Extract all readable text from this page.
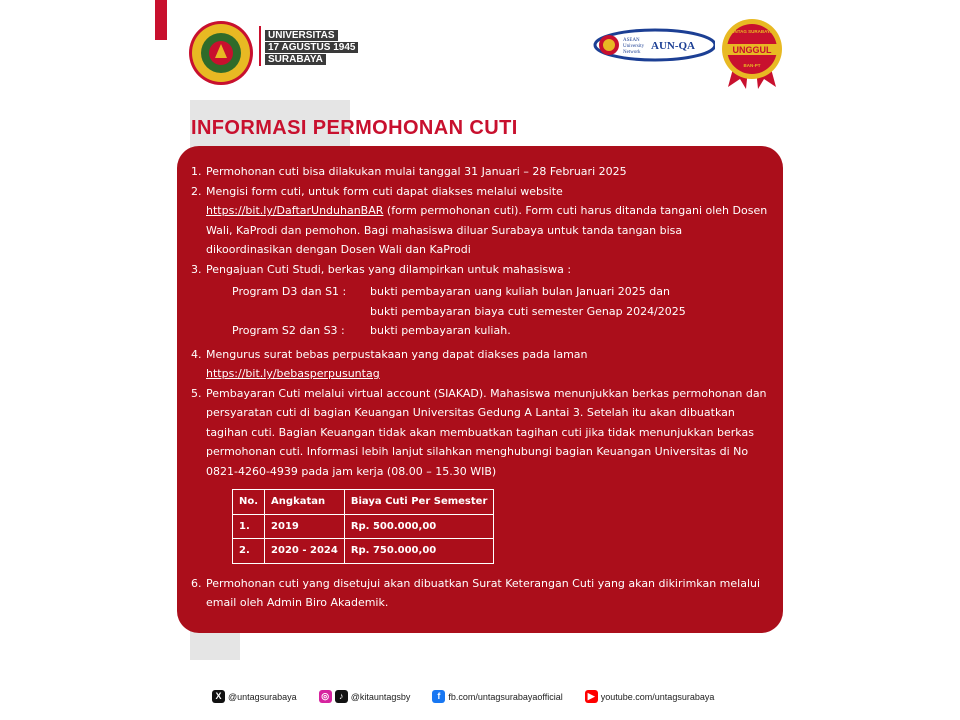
UNIVERSITAS
17 AGUSTUS 1945
SURABAYA
ASEAN
University
Network
AUN-QA
UNTAG SURABAYA
UNGGUL
BAN-PT
INFORMASI PERMOHONAN CUTI
1. Permohonan cuti bisa dilakukan mulai tanggal 31 Januari – 28 Februari 2025
2. Mengisi form cuti, untuk form cuti dapat diakses melalui website
https://bit.ly/DaftarUnduhanBAR (form permohonan cuti). Form cuti harus ditanda tangani oleh Dosen Wali, KaProdi dan pemohon. Bagi mahasiswa diluar Surabaya untuk tanda tangan bisa dikoordinasikan dengan Dosen Wali dan KaProdi
3. Pengajuan Cuti Studi, berkas yang dilampirkan untuk mahasiswa :
Program D3 dan S1 :	bukti pembayaran uang kuliah bulan Januari 2025 dan
bukti pembayaran biaya cuti semester Genap 2024/2025
Program S2 dan S3 :	bukti pembayaran kuliah.
4. Mengurus surat bebas perpustakaan yang dapat diakses pada laman
https://bit.ly/bebasperpusuntag
5. Pembayaran Cuti melalui virtual account (SIAKAD). Mahasiswa menunjukkan berkas permohonan dan persyaratan cuti di bagian Keuangan Universitas Gedung A Lantai 3. Setelah itu akan dibuatkan tagihan cuti. Bagian Keuangan tidak akan membuatkan tagihan cuti jika tidak menunjukkan berkas permohonan cuti. Informasi lebih lanjut silahkan menghubungi bagian Keuangan Universitas di No 0821-4260-4939 pada jam kerja (08.00 – 15.30 WIB)
No.	Angkatan	Biaya Cuti Per Semester
1.	2019	Rp. 500.000,00
2.	2020 - 2024	Rp. 750.000,00
6. Permohonan cuti yang disetujui akan dibuatkan Surat Keterangan Cuti yang akan dikirimkan melalui email oleh Admin Biro Akademik.
X @untagsurabaya	◎	♪ @kitauntagsby	f fb.com/untagsurabayaofficial	▶ youtube.com/untagsurabaya
